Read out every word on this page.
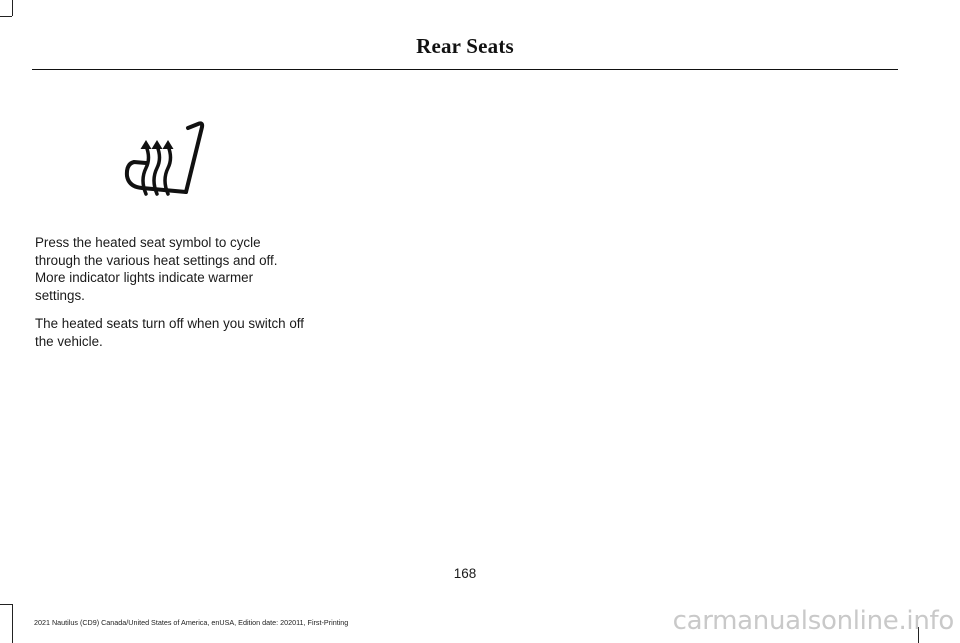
Rear Seats

Press the heated seat symbol to cycle through the various heat settings and off. More indicator lights indicate warmer settings.

The heated seats turn off when you switch off the vehicle.

168
2021 Nautilus (CD9) Canada/United States of America, enUSA, Edition date: 202011, First-Printing	carmanualsonline.info
